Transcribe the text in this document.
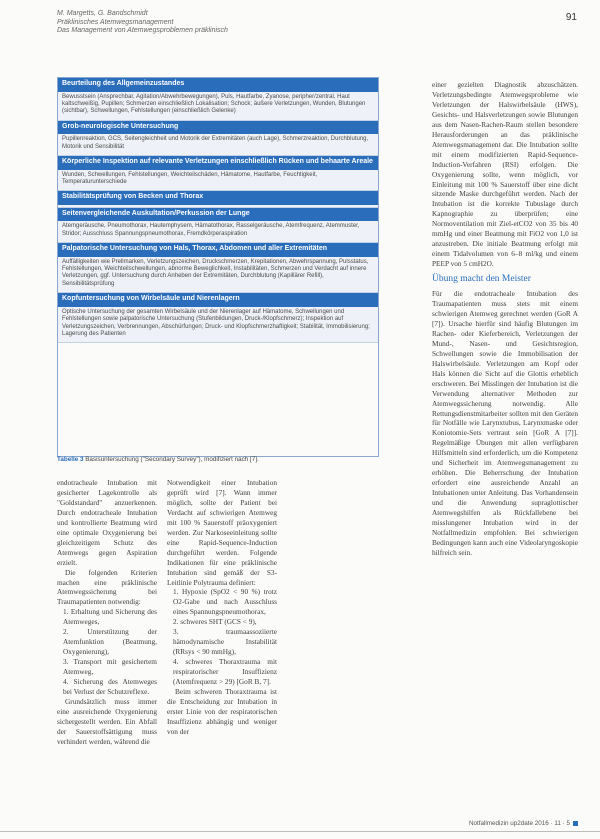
M. Margetts, G. Bandschmidt
Präklinisches Atemwegsmanagement
Das Management von Atemwegsproblemen präklinisch
91
Beurteilung des Allgemeinzustandes
Bewusstsein (Ansprechbar, Agitation/Abwehrbewegungen), Puls, Hautfarbe, Zyanose, peripher/zentral, Haut kaltschweißig, Pupillen; Schmerzen einschließlich Lokalisation; Schock; äußere Verletzungen, Wunden, Blutungen (sichtbar), Schwellungen, Fehlstellungen (einschließlich Gelenke)
Grob-neurologische Untersuchung
Pupillenreaktion, GCS, Seitengleichheit und Motorik der Extremitäten (auch Lage), Schmerzreaktion, Durchblutung, Motorik und Sensibilität
Körperliche Inspektion auf relevante Verletzungen einschließlich Rücken und behaarte Areale
Wunden, Schwellungen, Fehlstellungen, Weichteilschäden, Hämatome, Hautfarbe, Feuchtigkeit, Temperaturunterschiede
Stabilitätsprüfung von Becken und Thorax
Seitenvergleichende Auskultation/Perkussion der Lunge
Atemgeräusche, Pneumothorax, Hautemphysem, Hämatothorax, Rasselgeräusche, Atemfrequenz, Atemmuster, Stridor; Ausschluss Spannungspneumothorax, Fremdkörperaspiration
Palpatorische Untersuchung von Hals, Thorax, Abdomen und aller Extremitäten
Auffälligkeiten wie Prellmarken, Verletzungszeichen, Druckschmerzen, Krepitationen, Abwehrspannung, Pulsstatus, Fehlstellungen, Weichteilschwellungen, abnorme Beweglichkeit, Instabilitäten, Schmerzen und Verdacht auf innere Verletzungen, ggf. Untersuchung durch Anheben der Extremitäten, Durchblutung (Kapillärer Refill), Sensibilitätsprüfung
Kopfuntersuchung von Wirbelsäule und Nierenlagern
Optische Untersuchung der gesamten Wirbelsäule und der Nierenlager auf Hämatome, Schwellungen und Fehlstellungen sowie palpatorische Untersuchung (Stufenbildungen, Druck-/Klopfschmerz); Inspektion auf Verletzungszeichen, Verbrennungen, Abschürfungen; Druck- und Klopfschmerzhaftigkeit; Stabilität, Immobilisierung; Lagerung des Patienten
Tabelle 3 Basisuntersuchung ("Secondary Survey"), modifiziert nach [7].

endotracheale Intubation mit gesicherter Lagekontrolle als "Goldstandard" anzuerkennen. Durch endotracheale Intubation und kontrollierte Beatmung wird eine optimale Oxygenierung bei gleichzeitigem Schutz des Atemwegs gegen Aspiration erzielt.

Die folgenden Kriterien machen eine präklinische Atemwegssicherung bei Traumapatienten notwendig:

1. Erhaltung und Sicherung des Atemweges,
2. Unterstützung der Atemfunktion (Beatmung, Oxygenierung),
3. Transport mit gesichertem Atemweg,
4. Sicherung des Atemweges bei Verlust der Schutzreflexe.

Grundsätzlich muss immer eine ausreichende Oxygenierung sichergestellt werden. Ein Abfall der Sauerstoffsättigung muss verhindert werden, während die

Notwendigkeit einer Intubation geprüft wird [7]. Wann immer möglich, sollte der Patient bei Verdacht auf schwierigen Atemweg mit 100 % Sauerstoff präoxygeniert werden. Zur Narkoseeinleitung sollte eine Rapid-Sequence-Induction durchgeführt werden. Folgende Indikationen für eine präklinische Intubation sind gemäß der S3-Leitlinie Polytrauma definiert:

1. Hypoxie (SpO2 < 90 %) trotz O2-Gabe und nach Ausschluss eines Spannungspneumothorax,
2. schweres SHT (GCS < 9),
3. traumaassoziierte hämodynamische Instabilität (RRsys < 90 mmHg),
4. schweres Thoraxtrauma mit respiratorischer Insuffizienz (Atemfrequenz > 29) [GoR B, 7].

Beim schweren Thoraxtrauma ist die Entscheidung zur Intubation in erster Linie von der respiratorischen Insuffizienz abhängig und weniger von der

einer gezielten Diagnostik abzuschätzen. Verletzungsbedingte Atemwegsprobleme wie Verletzungen der Halswirbelsäule (HWS), Gesichts- und Halsverletzungen sowie Blutungen aus dem Nasen-Rachen-Raum stellen besondere Herausforderungen an das präklinische Atemwegsmanagement dar. Die Intubation sollte mit einem modifizierten Rapid-Sequence-Induction-Verfahren (RSI) erfolgen. Die Oxygenierung sollte, wenn möglich, vor Einleitung mit 100 % Sauerstoff über eine dicht sitzende Maske durchgeführt werden. Nach der Intubation ist die korrekte Tubuslage durch Kapnographie zu überprüfen; eine Normoventilation mit Ziel-etCO2 von 35 bis 40 mmHg und einer Beatmung mit FiO2 von 1,0 ist anzustreben. Die initiale Beatmung erfolgt mit einem Tidalvolumen von 6–8 ml/kg und einem PEEP von 5 cmH2O.

Übung macht den Meister

Für die endotracheale Intubation des Traumapatienten muss stets mit einem schwierigen Atemweg gerechnet werden (GoR A [7]). Ursache hierfür sind häufig Blutungen im Rachen- oder Kieferbereich, Verletzungen der Mund-, Nasen- und Gesichtsregion, Schwellungen sowie die Immobilisation der Halswirbelsäule. Verletzungen am Kopf oder Hals können die Sicht auf die Glottis erheblich erschweren. Bei Misslingen der Intubation ist die Verwendung alternativer Methoden zur Atemwegssicherung notwendig. Alle Rettungsdienstmitarbeiter sollten mit den Geräten für Notfälle wie Larynxtubus, Larynxmaske oder Koniotomie-Sets vertraut sein [GoR A [7]]. Regelmäßige Übungen mit allen verfügbaren Hilfsmitteln sind erforderlich, um die Kompetenz und Sicherheit im Atemwegsmanagement zu erhöhen. Die Beherrschung der Intubation erfordert eine ausreichende Anzahl an Intubationen unter Anleitung. Das Vorhandensein und die Anwendung supraglottischer Atemwegshilfen als Rückfallebene bei misslungener Intubation wird in der Notfallmedizin empfohlen. Bei schwierigen Bedingungen kann auch eine Videolaryngoskopie hilfreich sein.

Notfallmedizin up2date 2016 · 11 · 5
